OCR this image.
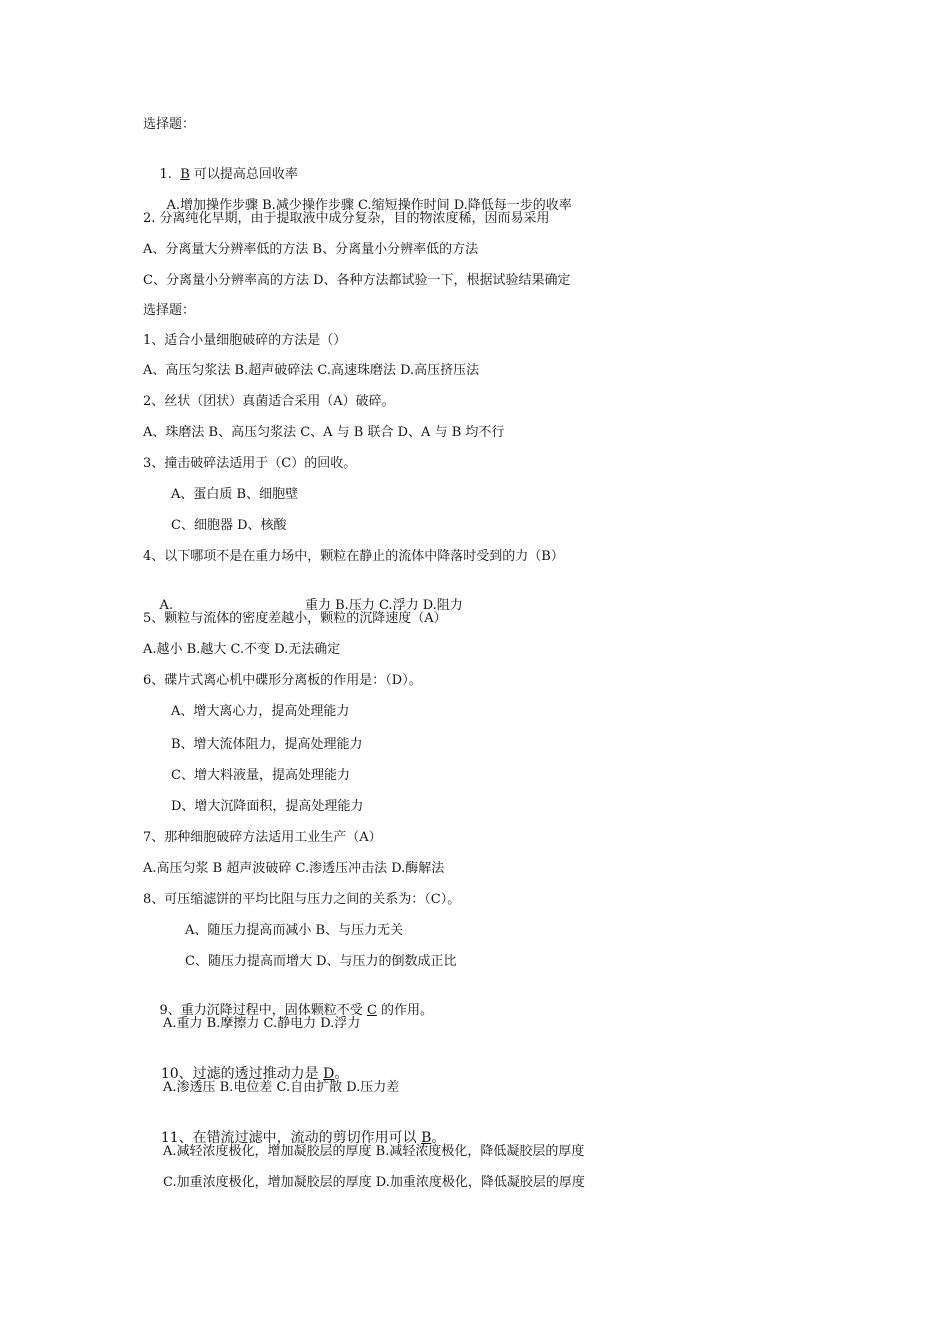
选择题：

1.  B 可以提高总回收率

A. 增加操作步骤 B.减少操作步骤 C.缩短操作时间 D.降低每一步的收率

2. 分离纯化早期，由于提取液中成分复杂，目的物浓度稀，因而易采用
A、分离量大分辨率低的方法 B、分离量小分辨率低的方法
C、分离量小分辨率高的方法 D、各种方法都试验一下，根据试验结果确定
选择题：
1、适合小量细胞破碎的方法是（）
A、高压匀浆法 B.超声破碎法 C.高速珠磨法 D.高压挤压法
2、丝状（团状）真菌适合采用（A）破碎。
A、珠磨法 B、高压匀浆法 C、A 与 B 联合 D、A 与 B 均不行
3、撞击破碎法适用于（C）的回收。
A、蛋白质 B、细胞壁
C、细胞器 D、核酸
4、以下哪项不是在重力场中，颗粒在静止的流体中降落时受到的力（B）

A.	重力 B.压力 C.浮力 D.阻力

5、颗粒与流体的密度差越小，颗粒的沉降速度（A）
A.越小 B.越大 C.不变 D.无法确定
6、碟片式离心机中碟形分离板的作用是：（D）。
A、增大离心力，提高处理能力
B、增大流体阻力，提高处理能力
C、增大料液量，提高处理能力
D、增大沉降面积，提高处理能力
7、那种细胞破碎方法适用工业生产（A）
A.高压匀浆 B 超声波破碎 C.渗透压冲击法 D.酶解法
8、可压缩滤饼的平均比阻与压力之间的关系为：（C）。
A、随压力提高而减小 B、与压力无关
C、随压力提高而增大 D、与压力的倒数成正比

9、重力沉降过程中，固体颗粒不受 C 的作用。

A.重力 B.摩擦力 C.静电力 D.浮力

10、过滤的透过推动力是 D。

A.渗透压 B.电位差 C.自由扩散 D.压力差

11、在错流过滤中，流动的剪切作用可以 B。

A.减轻浓度极化，增加凝胶层的厚度 B.减轻浓度极化，降低凝胶层的厚度
C.加重浓度极化，增加凝胶层的厚度 D.加重浓度极化，降低凝胶层的厚度
